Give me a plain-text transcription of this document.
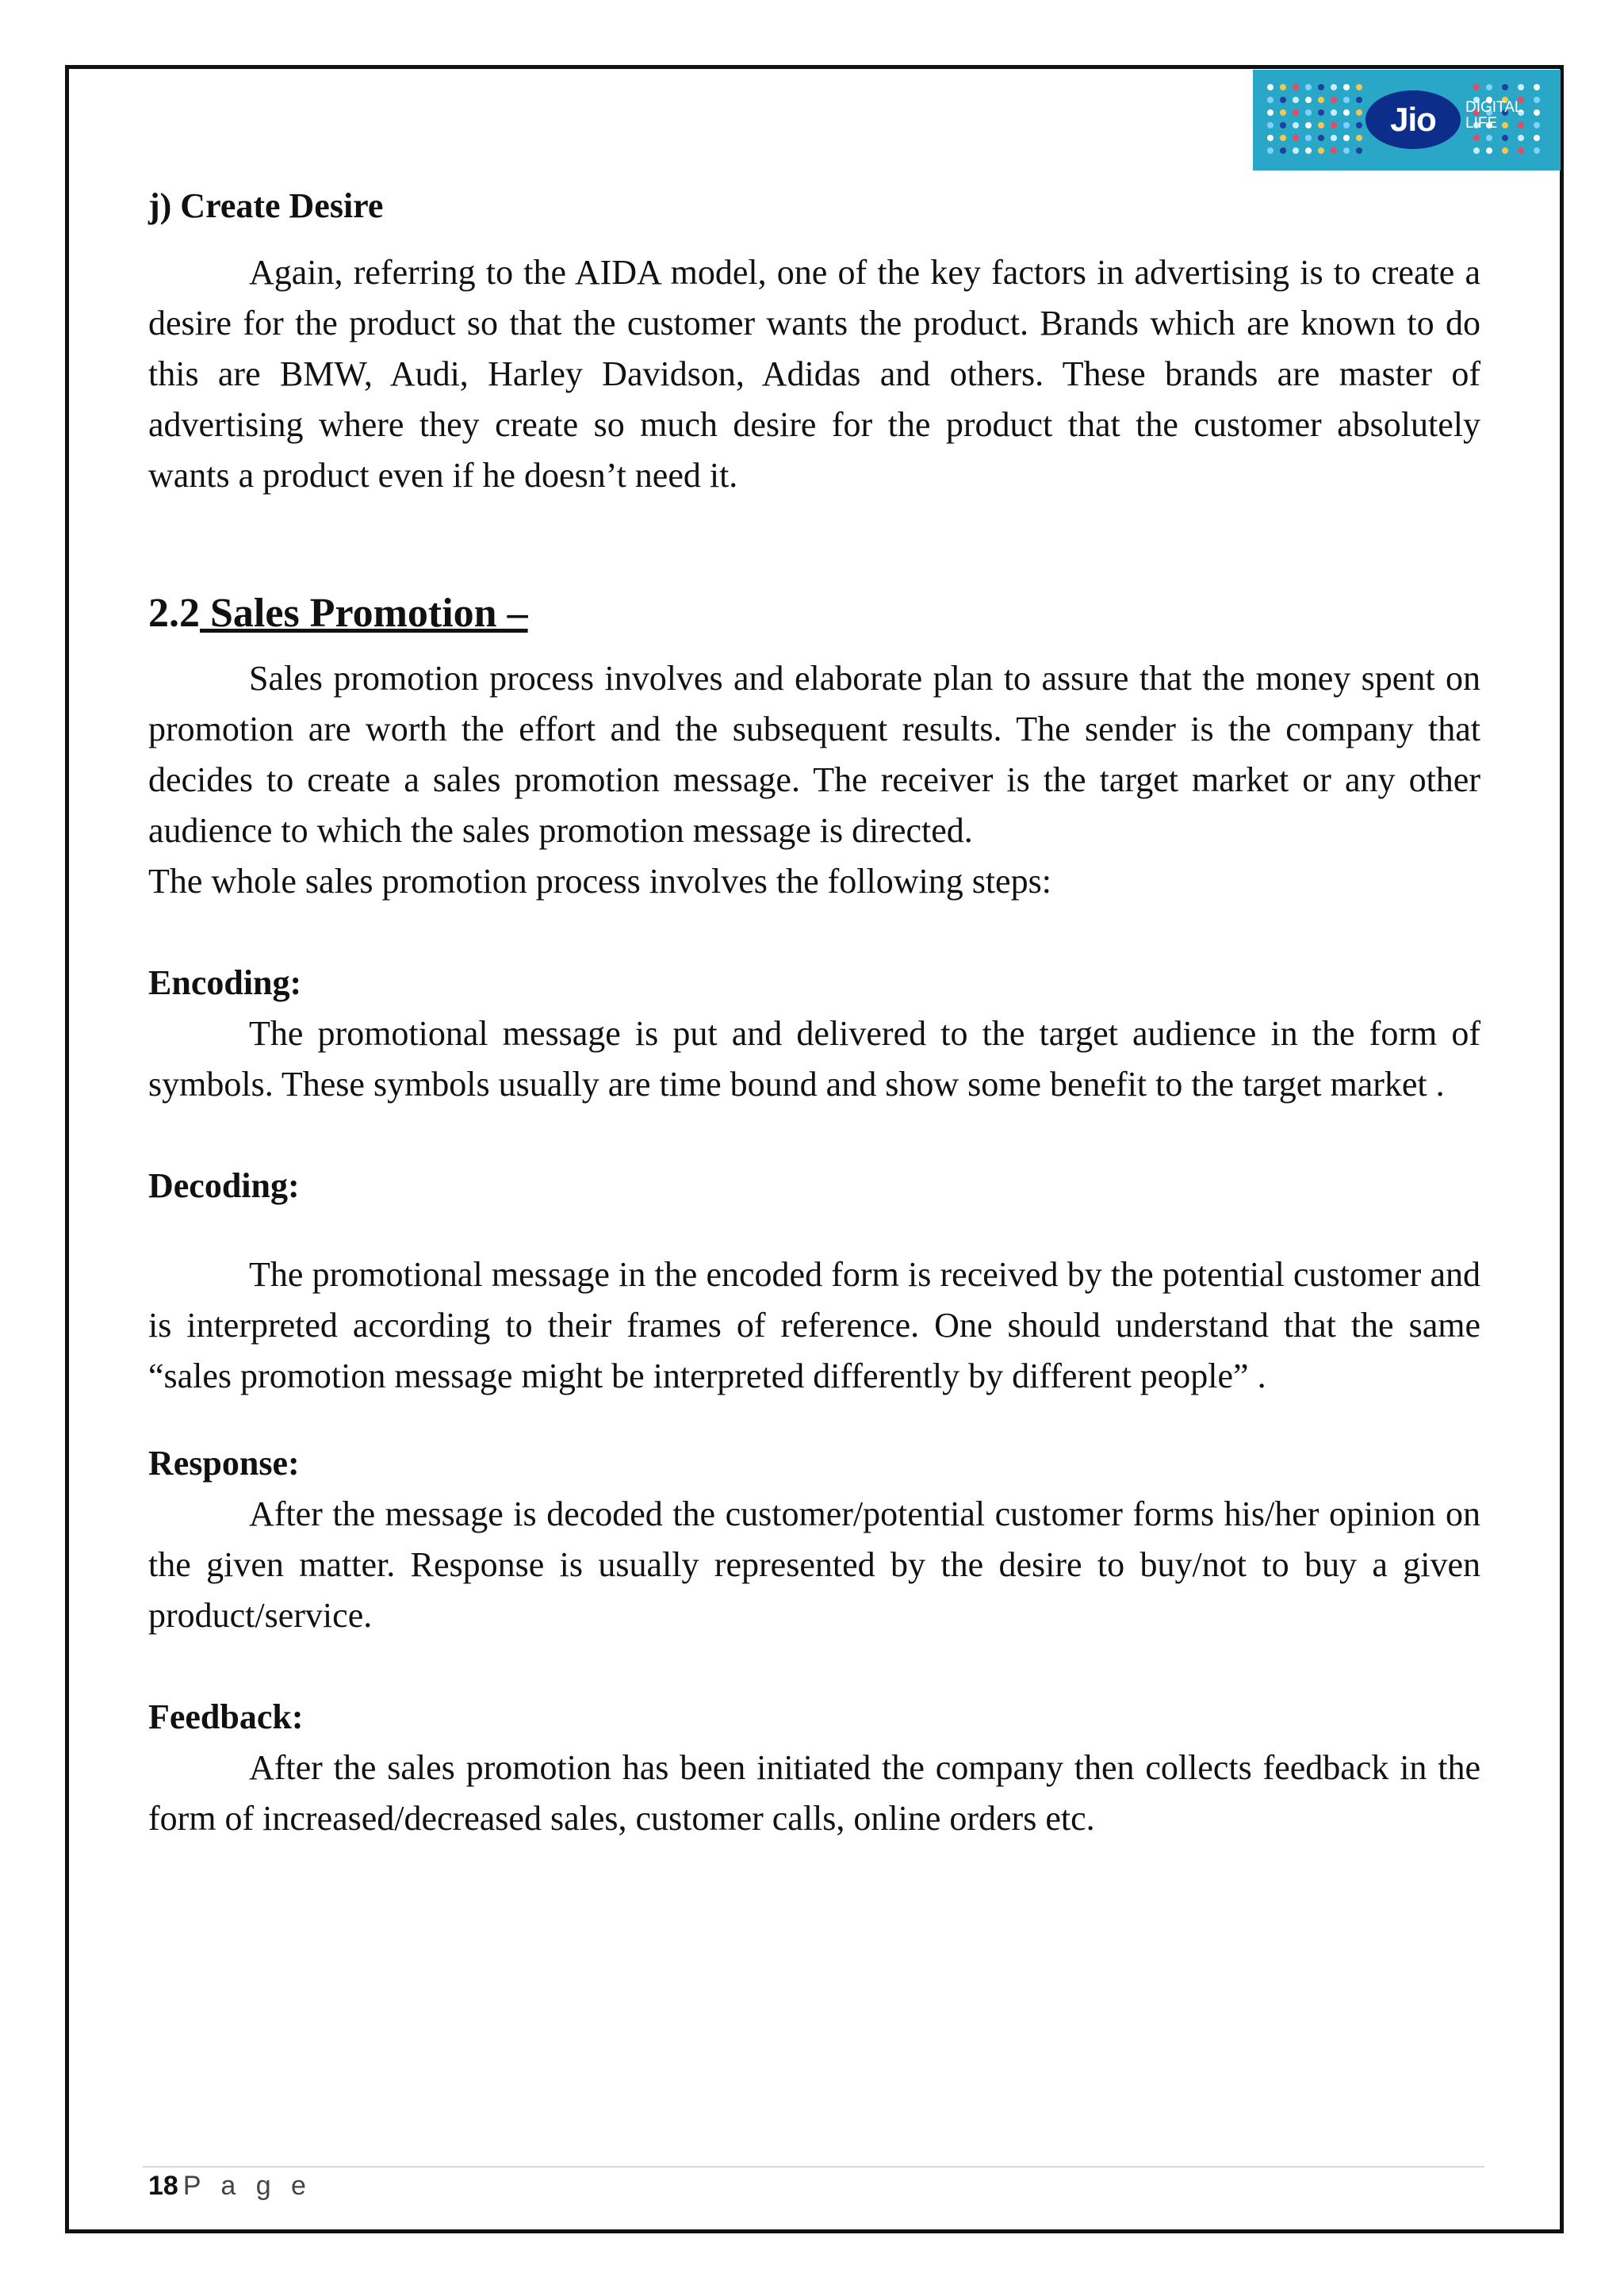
Jio	DIGITAL
LIFE

j) Create Desire

Again, referring to the AIDA model, one of the key factors in advertising is to create a desire for the product so that the customer wants the product. Brands which are known to do this are BMW, Audi, Harley Davidson, Adidas and others. These brands are master of advertising where they create so much desire for the product that the customer absolutely wants a product even if he doesn’t need it.

2.2 Sales Promotion –

Sales promotion process involves and elaborate plan to assure that the money spent on promotion are worth the effort and the subsequent results. The sender is the company that decides to create a sales promotion message. The receiver is the target market or any other audience to which the sales promotion message is directed.

The whole sales promotion process involves the following steps:

Encoding:

The promotional message is put and delivered to the target audience in the form of symbols. These symbols usually are time bound and show some benefit to the target market .

Decoding:

The promotional message in the encoded form is received by the potential customer and is interpreted according to their frames of reference. One should understand that the same “sales promotion message might be interpreted differently by different people” .

Response:

After the message is decoded the customer/potential customer forms his/her opinion on the given matter. Response is usually represented by the desire to buy/not to buy a given product/service.

Feedback:

After the sales promotion has been initiated the company then collects feedback in the form of increased/decreased sales, customer calls, online orders etc.

18 P a g e
